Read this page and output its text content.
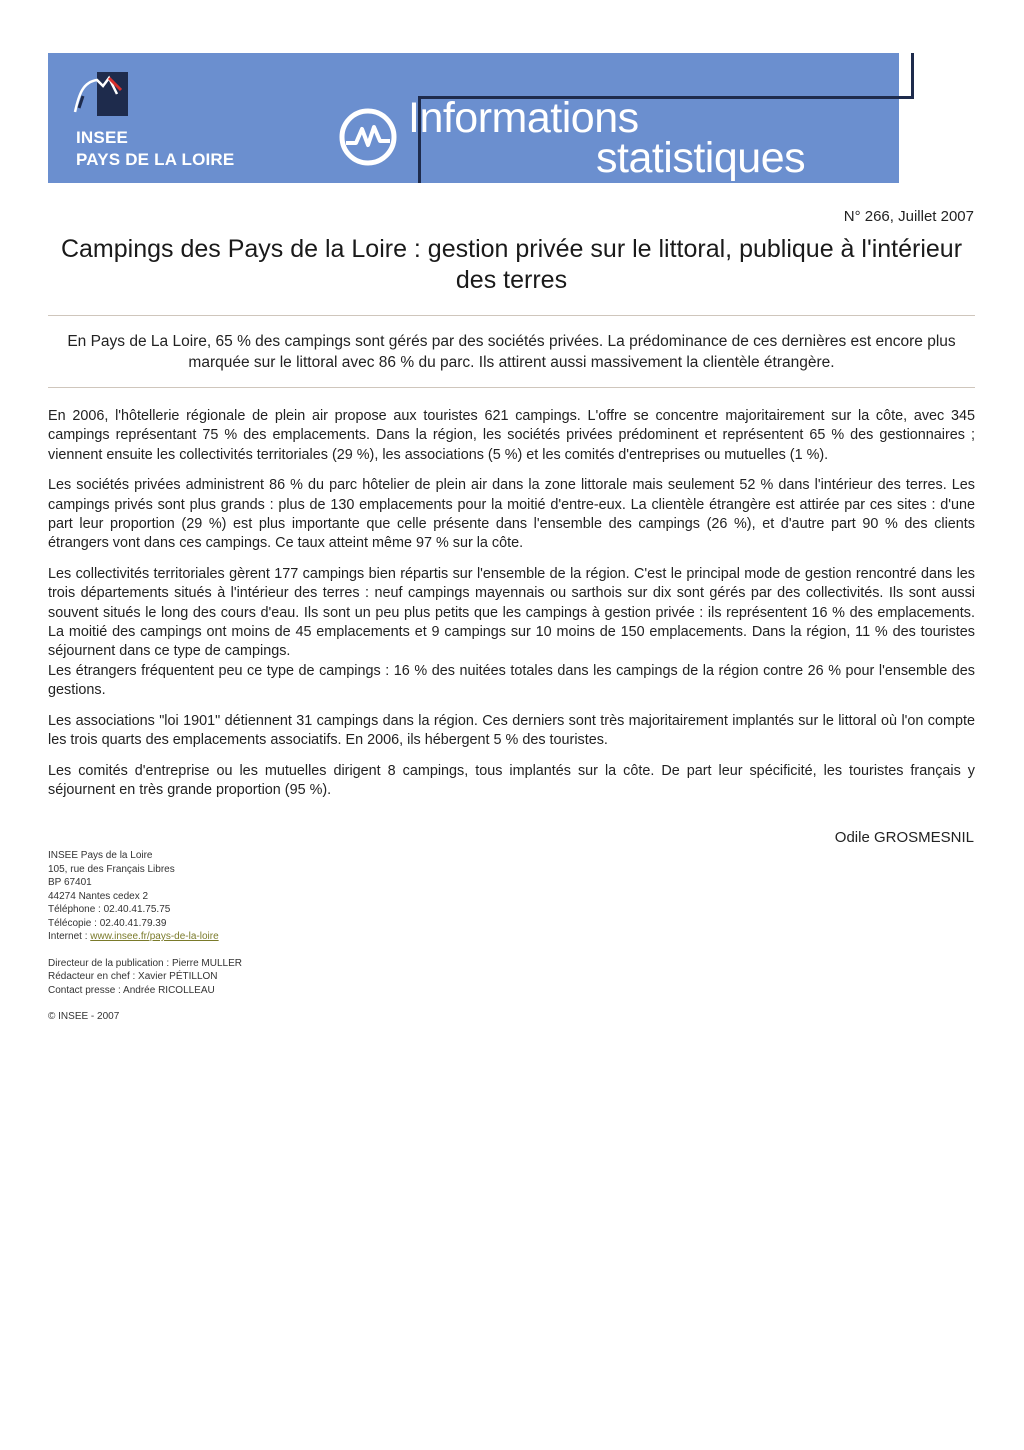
INSEE
PAYS DE LA LOIRE
Informations
statistiques
N° 266, Juillet 2007
Campings des Pays de la Loire : gestion privée sur le littoral, publique à l'intérieur des terres
En Pays de La Loire, 65 % des campings sont gérés par des sociétés privées. La prédominance de ces dernières est encore plus marquée sur le littoral avec 86 % du parc. Ils attirent aussi massivement la clientèle étrangère.

En 2006, l'hôtellerie régionale de plein air propose aux touristes 621 campings. L'offre se concentre majoritairement sur la côte, avec 345 campings représentant 75 % des emplacements. Dans la région, les sociétés privées prédominent et représentent 65 % des gestionnaires ; viennent ensuite les collectivités territoriales (29 %), les associations (5 %) et les comités d'entreprises ou mutuelles (1 %).

Les sociétés privées administrent 86 % du parc hôtelier de plein air dans la zone littorale mais seulement 52 % dans l'intérieur des terres. Les campings privés sont plus grands : plus de 130 emplacements pour la moitié d'entre-eux. La clientèle étrangère est attirée par ces sites : d'une part leur proportion (29 %) est plus importante que celle présente dans l'ensemble des campings (26 %), et d'autre part 90 % des clients étrangers vont dans ces campings. Ce taux atteint même 97 % sur la côte.

Les collectivités territoriales gèrent 177 campings bien répartis sur l'ensemble de la région. C'est le principal mode de gestion rencontré dans les trois départements situés à l'intérieur des terres : neuf campings mayennais ou sarthois sur dix sont gérés par des collectivités. Ils sont aussi souvent situés le long des cours d'eau. Ils sont un peu plus petits que les campings à gestion privée : ils représentent 16 % des emplacements. La moitié des campings ont moins de 45 emplacements et 9 campings sur 10 moins de 150 emplacements. Dans la région, 11 % des touristes séjournent dans ce type de campings.

Les étrangers fréquentent peu ce type de campings : 16 % des nuitées totales dans les campings de la région contre 26 % pour l'ensemble des gestions.

Les associations "loi 1901" détiennent 31 campings dans la région. Ces derniers sont très majoritairement implantés sur le littoral où l'on compte les trois quarts des emplacements associatifs. En 2006, ils hébergent 5 % des touristes.

Les comités d'entreprise ou les mutuelles dirigent 8 campings, tous implantés sur la côte. De part leur spécificité, les touristes français y séjournent en très grande proportion (95 %).

Odile GROSMESNIL
INSEE Pays de la Loire
105, rue des Français Libres
BP 67401
44274 Nantes cedex 2
Téléphone : 02.40.41.75.75
Télécopie : 02.40.41.79.39
Internet : www.insee.fr/pays-de-la-loire
Directeur de la publication : Pierre MULLER
Rédacteur en chef : Xavier PÉTILLON
Contact presse : Andrée RICOLLEAU
© INSEE - 2007
